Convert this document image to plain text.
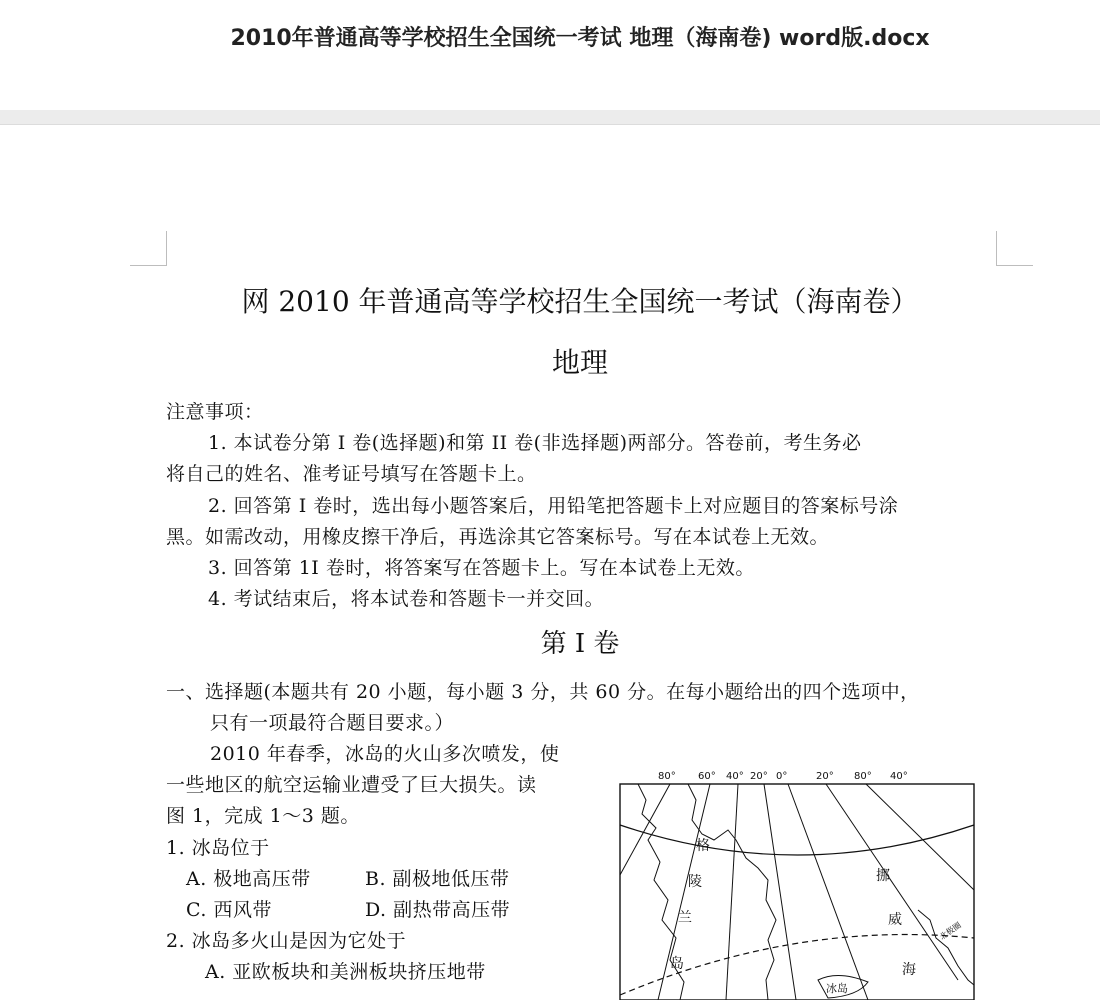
2010年普通高等学校招生全国统一考试 地理（海南卷) word版.docx
网 2010 年普通高等学校招生全国统一考试（海南卷）
地理
注意事项：
1. 本试卷分第 I 卷(选择题)和第 II 卷(非选择题)两部分。答卷前，考生务必
将自己的姓名、准考证号填写在答题卡上。
2. 回答第 I 卷时，选出每小题答案后，用铅笔把答题卡上对应题目的答案标号涂
黑。如需改动，用橡皮擦干净后，再选涂其它答案标号。写在本试卷上无效。
3. 回答第 1I 卷时，将答案写在答题卡上。写在本试卷上无效。
4. 考试结束后，将本试卷和答题卡一并交回。
第 I 卷
一、选择题(本题共有 20 小题，每小题 3 分，共 60 分。在每小题给出的四个选项中，
只有一项最符合题目要求。）
2010 年春季，冰岛的火山多次喷发，使
一些地区的航空运输业遭受了巨大损失。读
图 1，完成 1～3 题。
1. 冰岛位于
A. 极地高压带	B. 副极地低压带
C. 西风带	D. 副热带高压带
2. 冰岛多火山是因为它处于
A. 亚欧板块和美洲板块挤压地带
80° 60° 40° 20° 0°	20° 80° 40°
格
陵
兰
岛
挪
威
海
北极圈
冰岛
